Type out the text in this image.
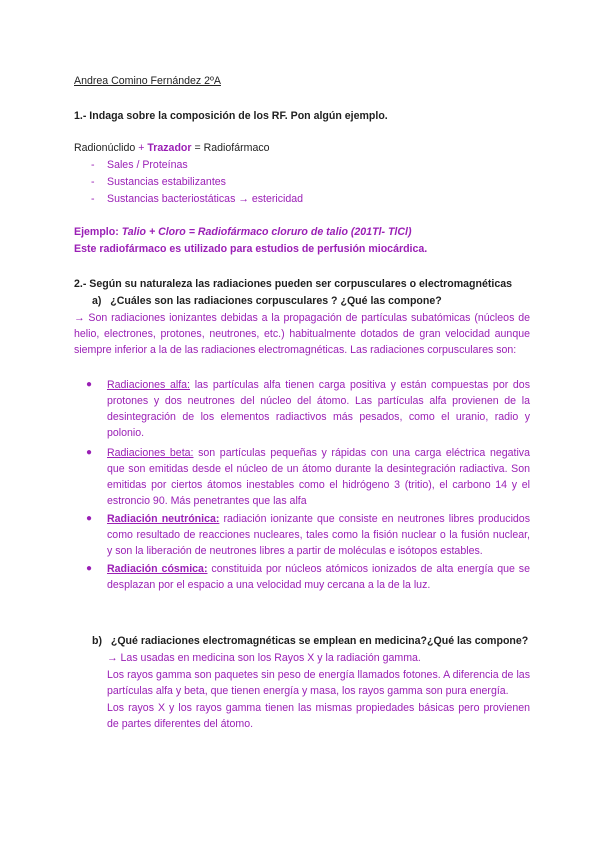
Andrea Comino Fernández 2ºA
1.- Indaga sobre la composición de los RF. Pon algún ejemplo.
Radionúclido + Trazador = Radiofármaco
- Sales / Proteínas
- Sustancias estabilizantes
- Sustancias bacteriostáticas → estericidad
Ejemplo: Talio + Cloro = Radiofármaco cloruro de talio (201Tl- TlCl)
Este radiofármaco es utilizado para estudios de perfusión miocárdica.
2.- Según su naturaleza las radiaciones pueden ser corpusculares o electromagnéticas
a) ¿Cuáles son las radiaciones corpusculares ? ¿Qué las compone?
→ Son radiaciones ionizantes debidas a la propagación de partículas subatómicas (núcleos de helio, electrones, protones, neutrones, etc.) habitualmente dotados de gran velocidad aunque siempre inferior a la de las radiaciones electromagnéticas. Las radiaciones corpusculares son:
● Radiaciones alfa: las partículas alfa tienen carga positiva y están compuestas por dos protones y dos neutrones del núcleo del átomo. Las partículas alfa provienen de la desintegración de los elementos radiactivos más pesados, como el uranio, radio y polonio.
● Radiaciones beta: son partículas pequeñas y rápidas con una carga eléctrica negativa que son emitidas desde el núcleo de un átomo durante la desintegración radiactiva. Son emitidas por ciertos átomos inestables como el hidrógeno 3 (tritio), el carbono 14 y el estroncio 90. Más penetrantes que las alfa
● Radiación neutrónica: radiación ionizante que consiste en neutrones libres producidos como resultado de reacciones nucleares, tales como la fisión nuclear o la fusión nuclear, y son la liberación de neutrones libres a partir de moléculas e isótopos estables.
● Radiación cósmica: constituida por núcleos atómicos ionizados de alta energía que se desplazan por el espacio a una velocidad muy cercana a la de la luz.
b) ¿Qué radiaciones electromagnéticas se emplean en medicina?¿Qué las compone?
→ Las usadas en medicina son los Rayos X y la radiación gamma.
Los rayos gamma son paquetes sin peso de energía llamados fotones. A diferencia de las partículas alfa y beta, que tienen energía y masa, los rayos gamma son pura energía.
Los rayos X y los rayos gamma tienen las mismas propiedades básicas pero provienen de partes diferentes del átomo.
